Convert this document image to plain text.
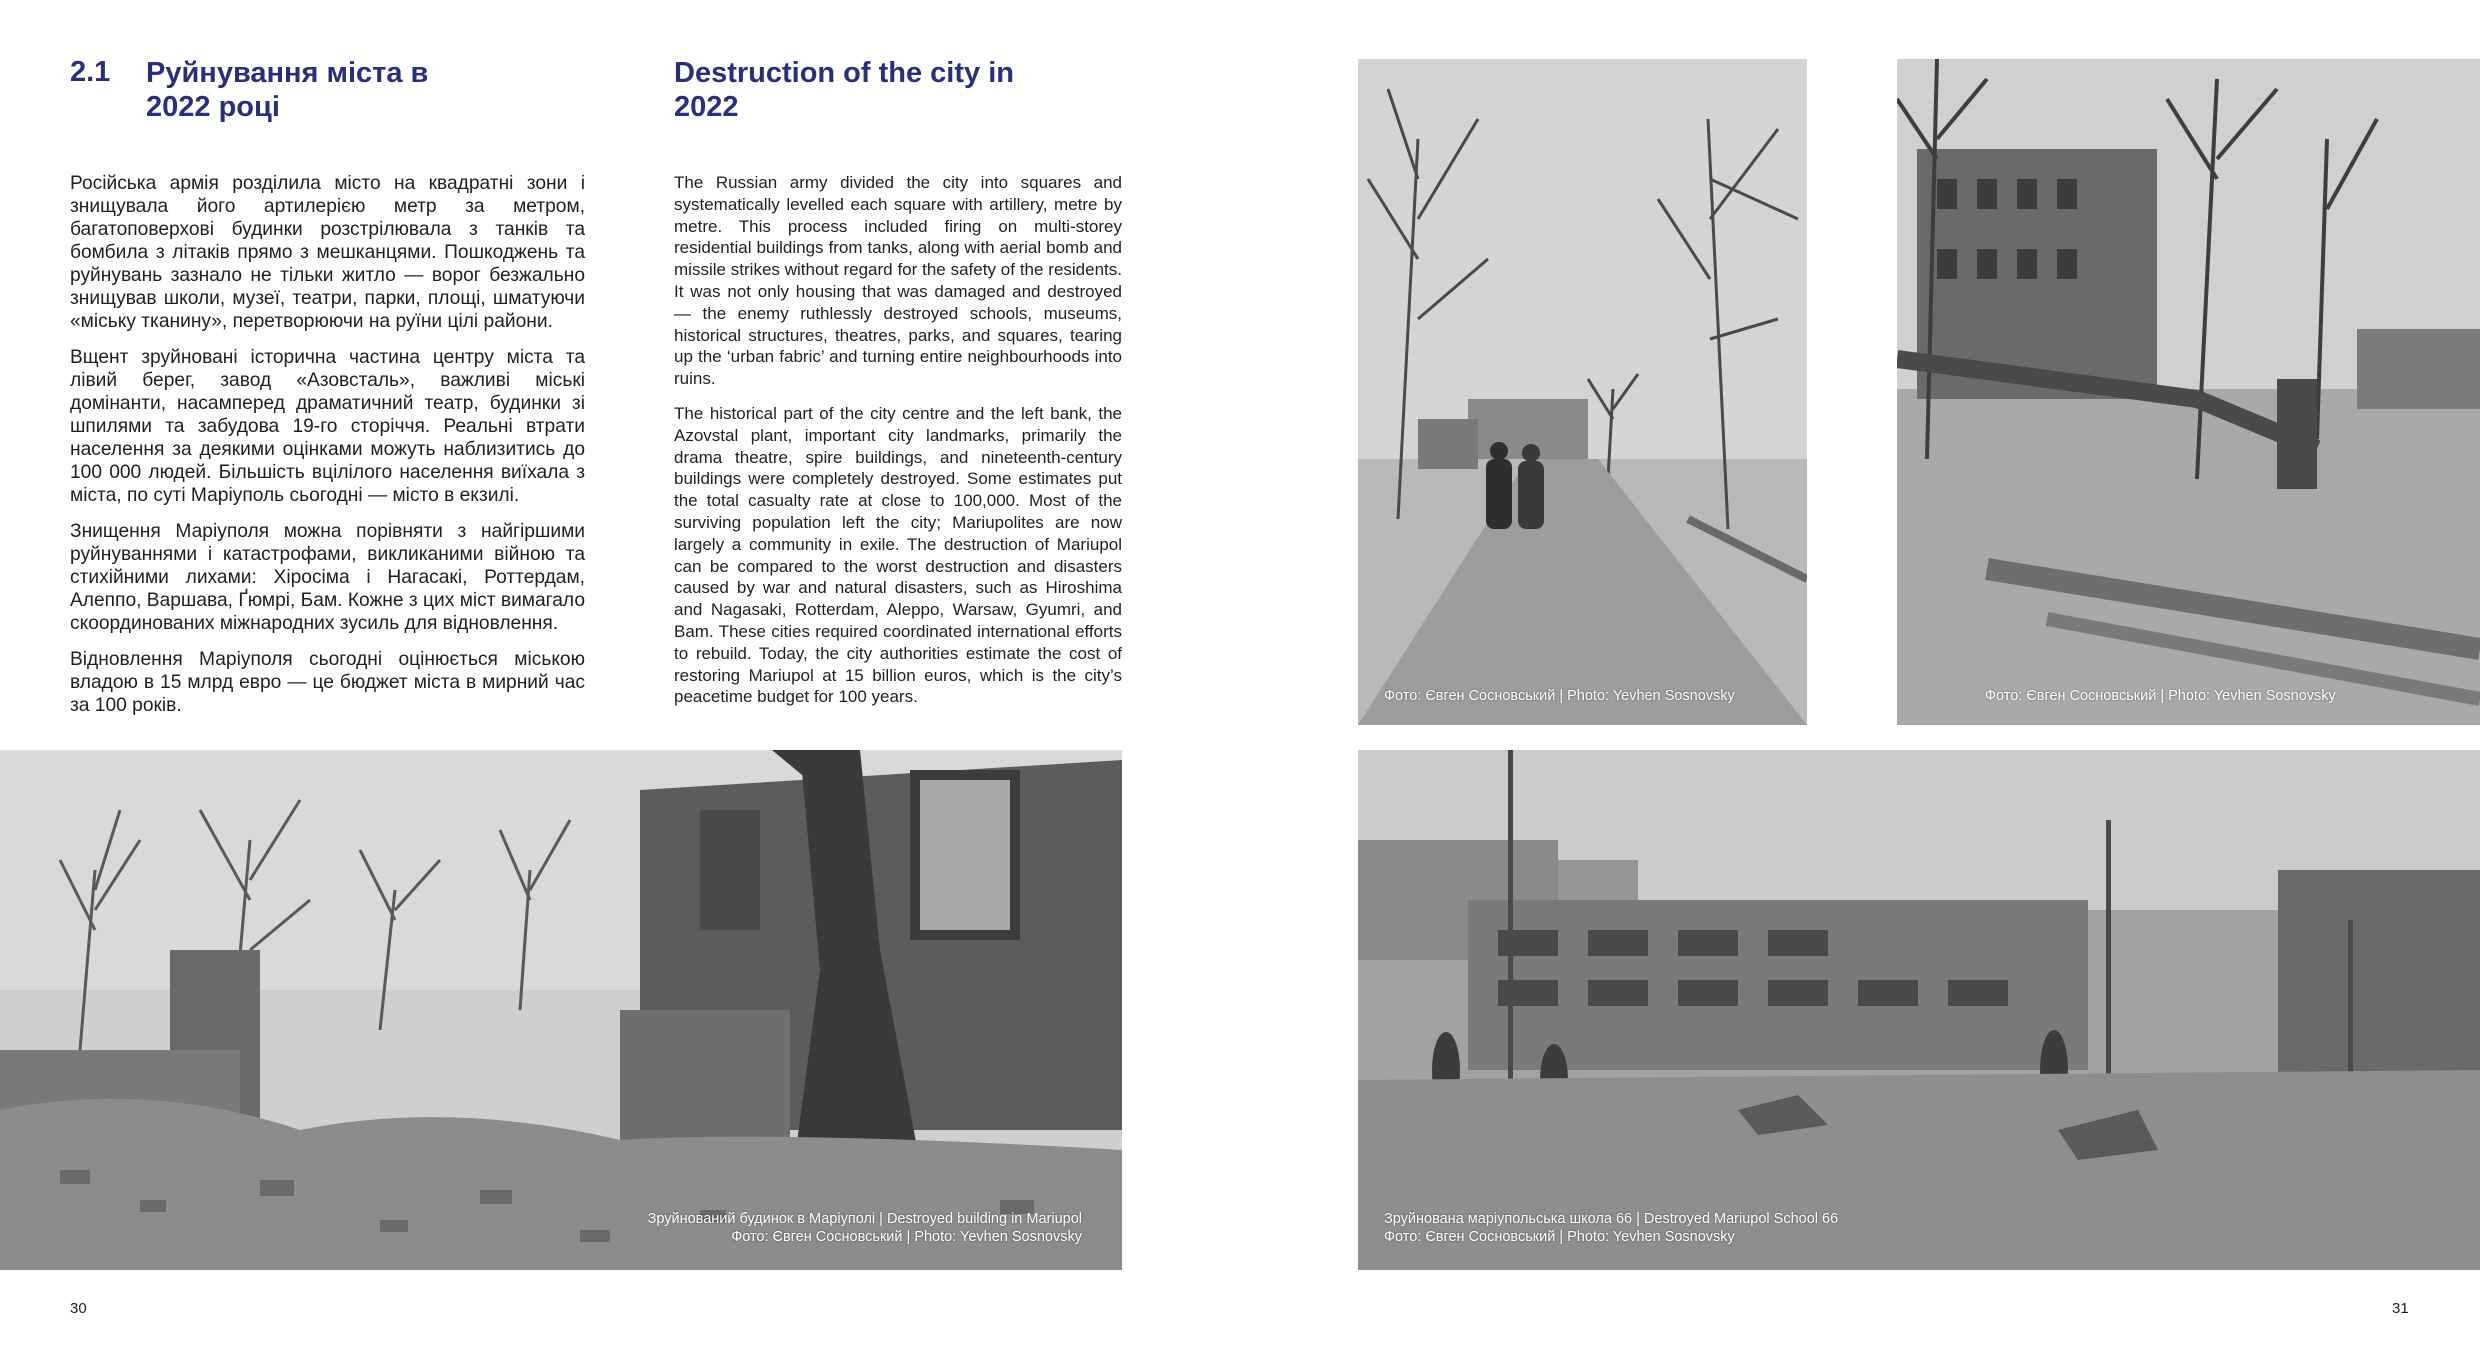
2.1 Руйнування міста в 2022 році
Destruction of the city in 2022

Російська армія розділила місто на квадратні зони і знищувала його артилерією метр за метром, багатоповерхові будинки розстрілювала з танків та бомбила з літаків прямо з мешканцями. Пошкоджень та руйнувань зазнало не тільки житло — ворог безжально знищував школи, музеї, театри, парки, площі, шматуючи «міську тканину», перетворюючи на руїни цілі райони.

Вщент зруйновані історична частина центру міста та лівий берег, завод «Азовсталь», важливі міські домінанти, насамперед драматичний театр, будинки зі шпилями та забудова 19-го сторіччя. Реальні втрати населення за деякими оцінками можуть наблизитись до 100 000 людей. Більшість вцілілого населення виїхала з міста, по суті Маріуполь сьогодні — місто в екзилі.

Знищення Маріуполя можна порівняти з найгіршими руйнуваннями і катастрофами, викликаними війною та стихійними лихами: Хіросіма і Нагасакі, Роттердам, Алеппо, Варшава, Ґюмрі, Бам. Кожне з цих міст вимагало скоординованих міжнародних зусиль для відновлення.

Відновлення Маріуполя сьогодні оцінюється міською владою в 15 млрд евро — це бюджет міста в мирний час за 100 років.

The Russian army divided the city into squares and systematically levelled each square with artillery, metre by metre. This process included firing on multi-storey residential buildings from tanks, along with aerial bomb and missile strikes without regard for the safety of the residents. It was not only housing that was damaged and destroyed — the enemy ruthlessly destroyed schools, museums, historical structures, theatres, parks, and squares, tearing up the ‘urban fabric’ and turning entire neighbourhoods into ruins.

The historical part of the city centre and the left bank, the Azovstal plant, important city landmarks, primarily the drama theatre, spire buildings, and nineteenth-century buildings were completely destroyed. Some estimates put the total casualty rate at close to 100,000. Most of the surviving population left the city; Mariupolites are now largely a community in exile. The destruction of Mariupol can be compared to the worst destruction and disasters caused by war and natural disasters, such as Hiroshima and Nagasaki, Rotterdam, Aleppo, Warsaw, Gyumri, and Bam. These cities required coordinated international efforts to rebuild. Today, the city authorities estimate the cost of restoring Mariupol at 15 billion euros, which is the city’s peacetime budget for 100 years.

Зруйнований будинок в Маріуполі | Destroyed building in Mariupol
Фото: Євген Сосновський | Photo: Yevhen Sosnovsky
30
Фото: Євген Сосновський | Photo: Yevhen Sosnovsky	Фото: Євген Сосновський | Photo: Yevhen Sosnovsky
Зруйнована маріупольська школа 66 | Destroyed Mariupol School 66
Фото: Євген Сосновський | Photo: Yevhen Sosnovsky
31
